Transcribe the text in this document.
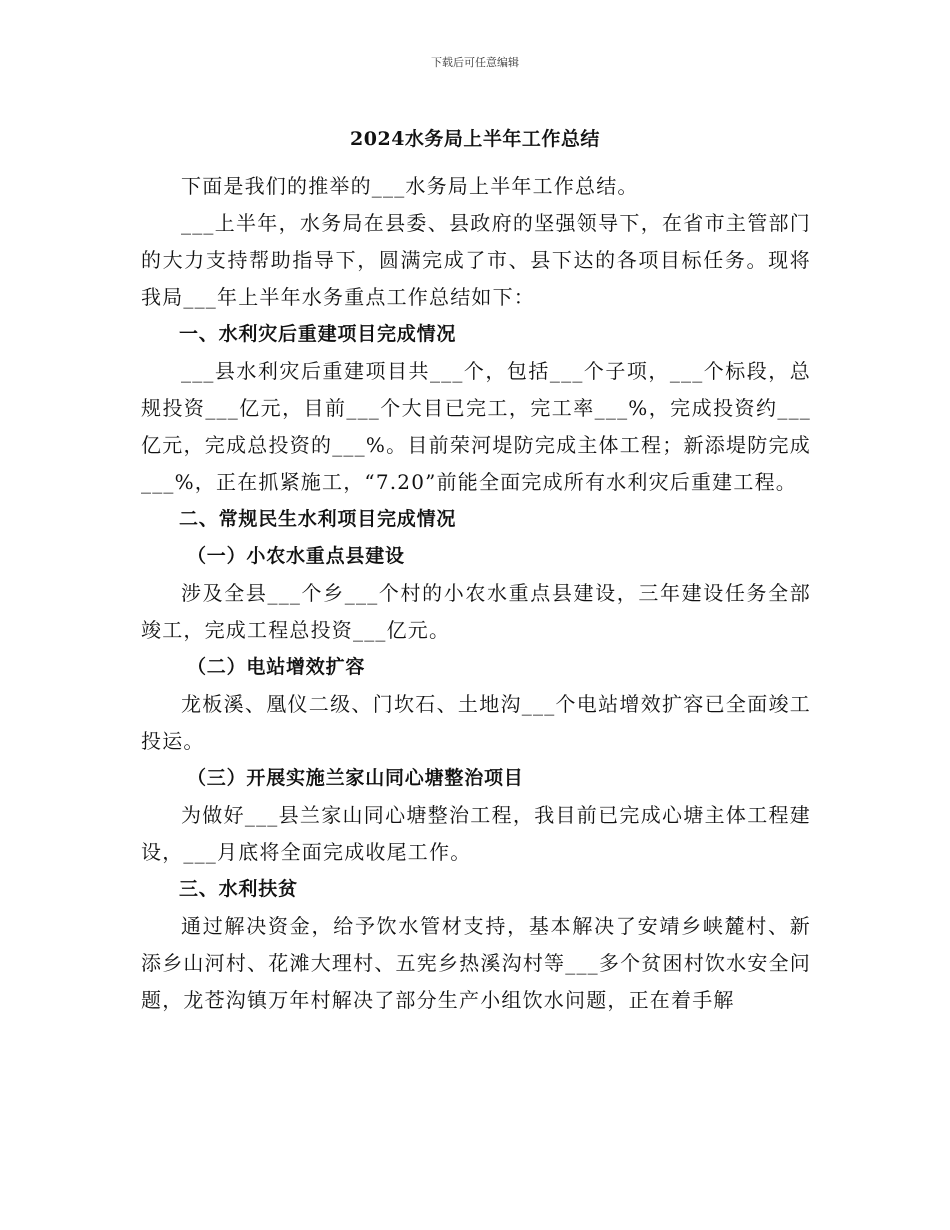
下载后可任意编辑
2024水务局上半年工作总结

下面是我们的推举的___水务局上半年工作总结。

___上半年，水务局在县委、县政府的坚强领导下，在省市主管部门的大力支持帮助指导下，圆满完成了市、县下达的各项目标任务。现将我局___年上半年水务重点工作总结如下：

一、水利灾后重建项目完成情况

___县水利灾后重建项目共___个，包括___个子项，___个标段，总规投资___亿元，目前___个大目已完工，完工率___%，完成投资约___亿元，完成总投资的___%。目前荣河堤防完成主体工程；新添堤防完成___%，正在抓紧施工，“7.20”前能全面完成所有水利灾后重建工程。

二、常规民生水利项目完成情况

（一）小农水重点县建设

涉及全县___个乡___个村的小农水重点县建设，三年建设任务全部竣工，完成工程总投资___亿元。

（二）电站增效扩容

龙板溪、凰仪二级、门坎石、土地沟___个电站增效扩容已全面竣工投运。

（三）开展实施兰家山同心塘整治项目

为做好___县兰家山同心塘整治工程，我目前已完成心塘主体工程建设，___月底将全面完成收尾工作。

三、水利扶贫

通过解决资金，给予饮水管材支持，基本解决了安靖乡峡麓村、新添乡山河村、花滩大理村、五宪乡热溪沟村等___多个贫困村饮水安全问题，龙苍沟镇万年村解决了部分生产小组饮水问题，正在着手解
